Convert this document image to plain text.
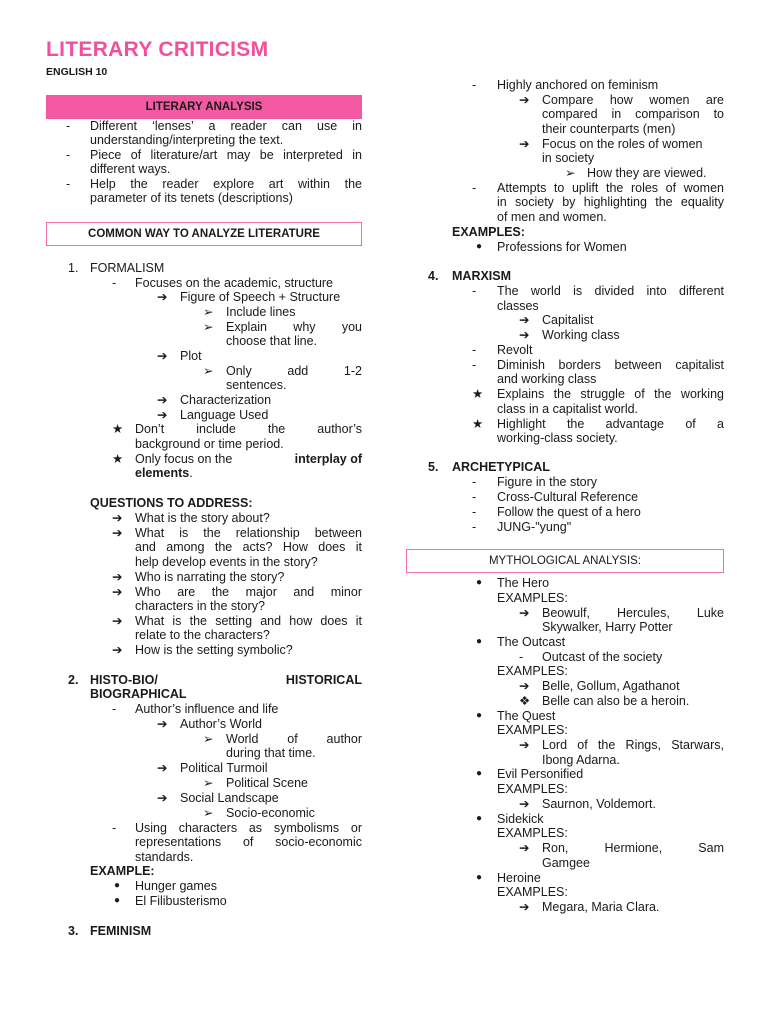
LITERARY CRITICISM
ENGLISH 10
LITERARY ANALYSIS
- Different ‘lenses’ a reader can use in
understanding/interpreting the text.
- Piece of literature/art may be interpreted in
different ways.
- Help the reader explore art within the
parameter of its tenets (descriptions)
COMMON WAY TO ANALYZE LITERATURE
1. FORMALISM
- Focuses on the academic, structure
➔ Figure of Speech + Structure
➢ Include lines
➢ Explain why you
choose that line.
➔ Plot
➢ Only add 1-2
sentences.
➔ Characterization
➔ Language Used
★ Don’t include the author’s
background or time period.
★ Only focus on the	interplay of
elements.
QUESTIONS TO ADDRESS:
➔ What is the story about?
➔ What is the relationship between
and among the acts? How does it
help develop events in the story?
➔ Who is narrating the story?
➔ Who are the major and minor
characters in the story?
➔ What is the setting and how does it
relate to the characters?
➔ How is the setting symbolic?
2. HISTO-BIO/ HISTORICAL
BIOGRAPHICAL
- Author’s influence and life
➔ Author’s World
➢ World of author
during that time.
➔ Political Turmoil
➢ Political Scene
➔ Social Landscape
➢ Socio-economic
- Using characters as symbolisms or
representations of socio-economic
standards.
EXAMPLE:
● Hunger games
● El Filibusterismo
3. FEMINISM
- Highly anchored on feminism
➔ Compare how women are
compared in comparison to
their counterparts (men)
➔ Focus on the roles of women
in society
➢ How they are viewed.
- Attempts to uplift the roles of women
in society by highlighting the equality
of men and women.
EXAMPLES:
● Professions for Women
4. MARXISM
- The world is divided into different
classes
➔ Capitalist
➔ Working class
- Revolt
- Diminish borders between capitalist
and working class
★ Explains the struggle of the working
class in a capitalist world.
★ Highlight the advantage of a
working-class society.
5. ARCHETYPICAL
- Figure in the story
- Cross-Cultural Reference
- Follow the quest of a hero
- JUNG-"yung"
MYTHOLOGICAL ANALYSIS:
● The Hero
EXAMPLES:
➔ Beowulf, Hercules, Luke
Skywalker, Harry Potter
● The Outcast
- Outcast of the society
EXAMPLES:
➔ Belle, Gollum, Agathanot
❖ Belle can also be a heroin.
● The Quest
EXAMPLES:
➔ Lord of the Rings, Starwars,
Ibong Adarna.
● Evil Personified
EXAMPLES:
➔ Saurnon, Voldemort.
● Sidekick
EXAMPLES:
➔ Ron, Hermione, Sam
Gamgee
● Heroine
EXAMPLES:
➔ Megara, Maria Clara.
